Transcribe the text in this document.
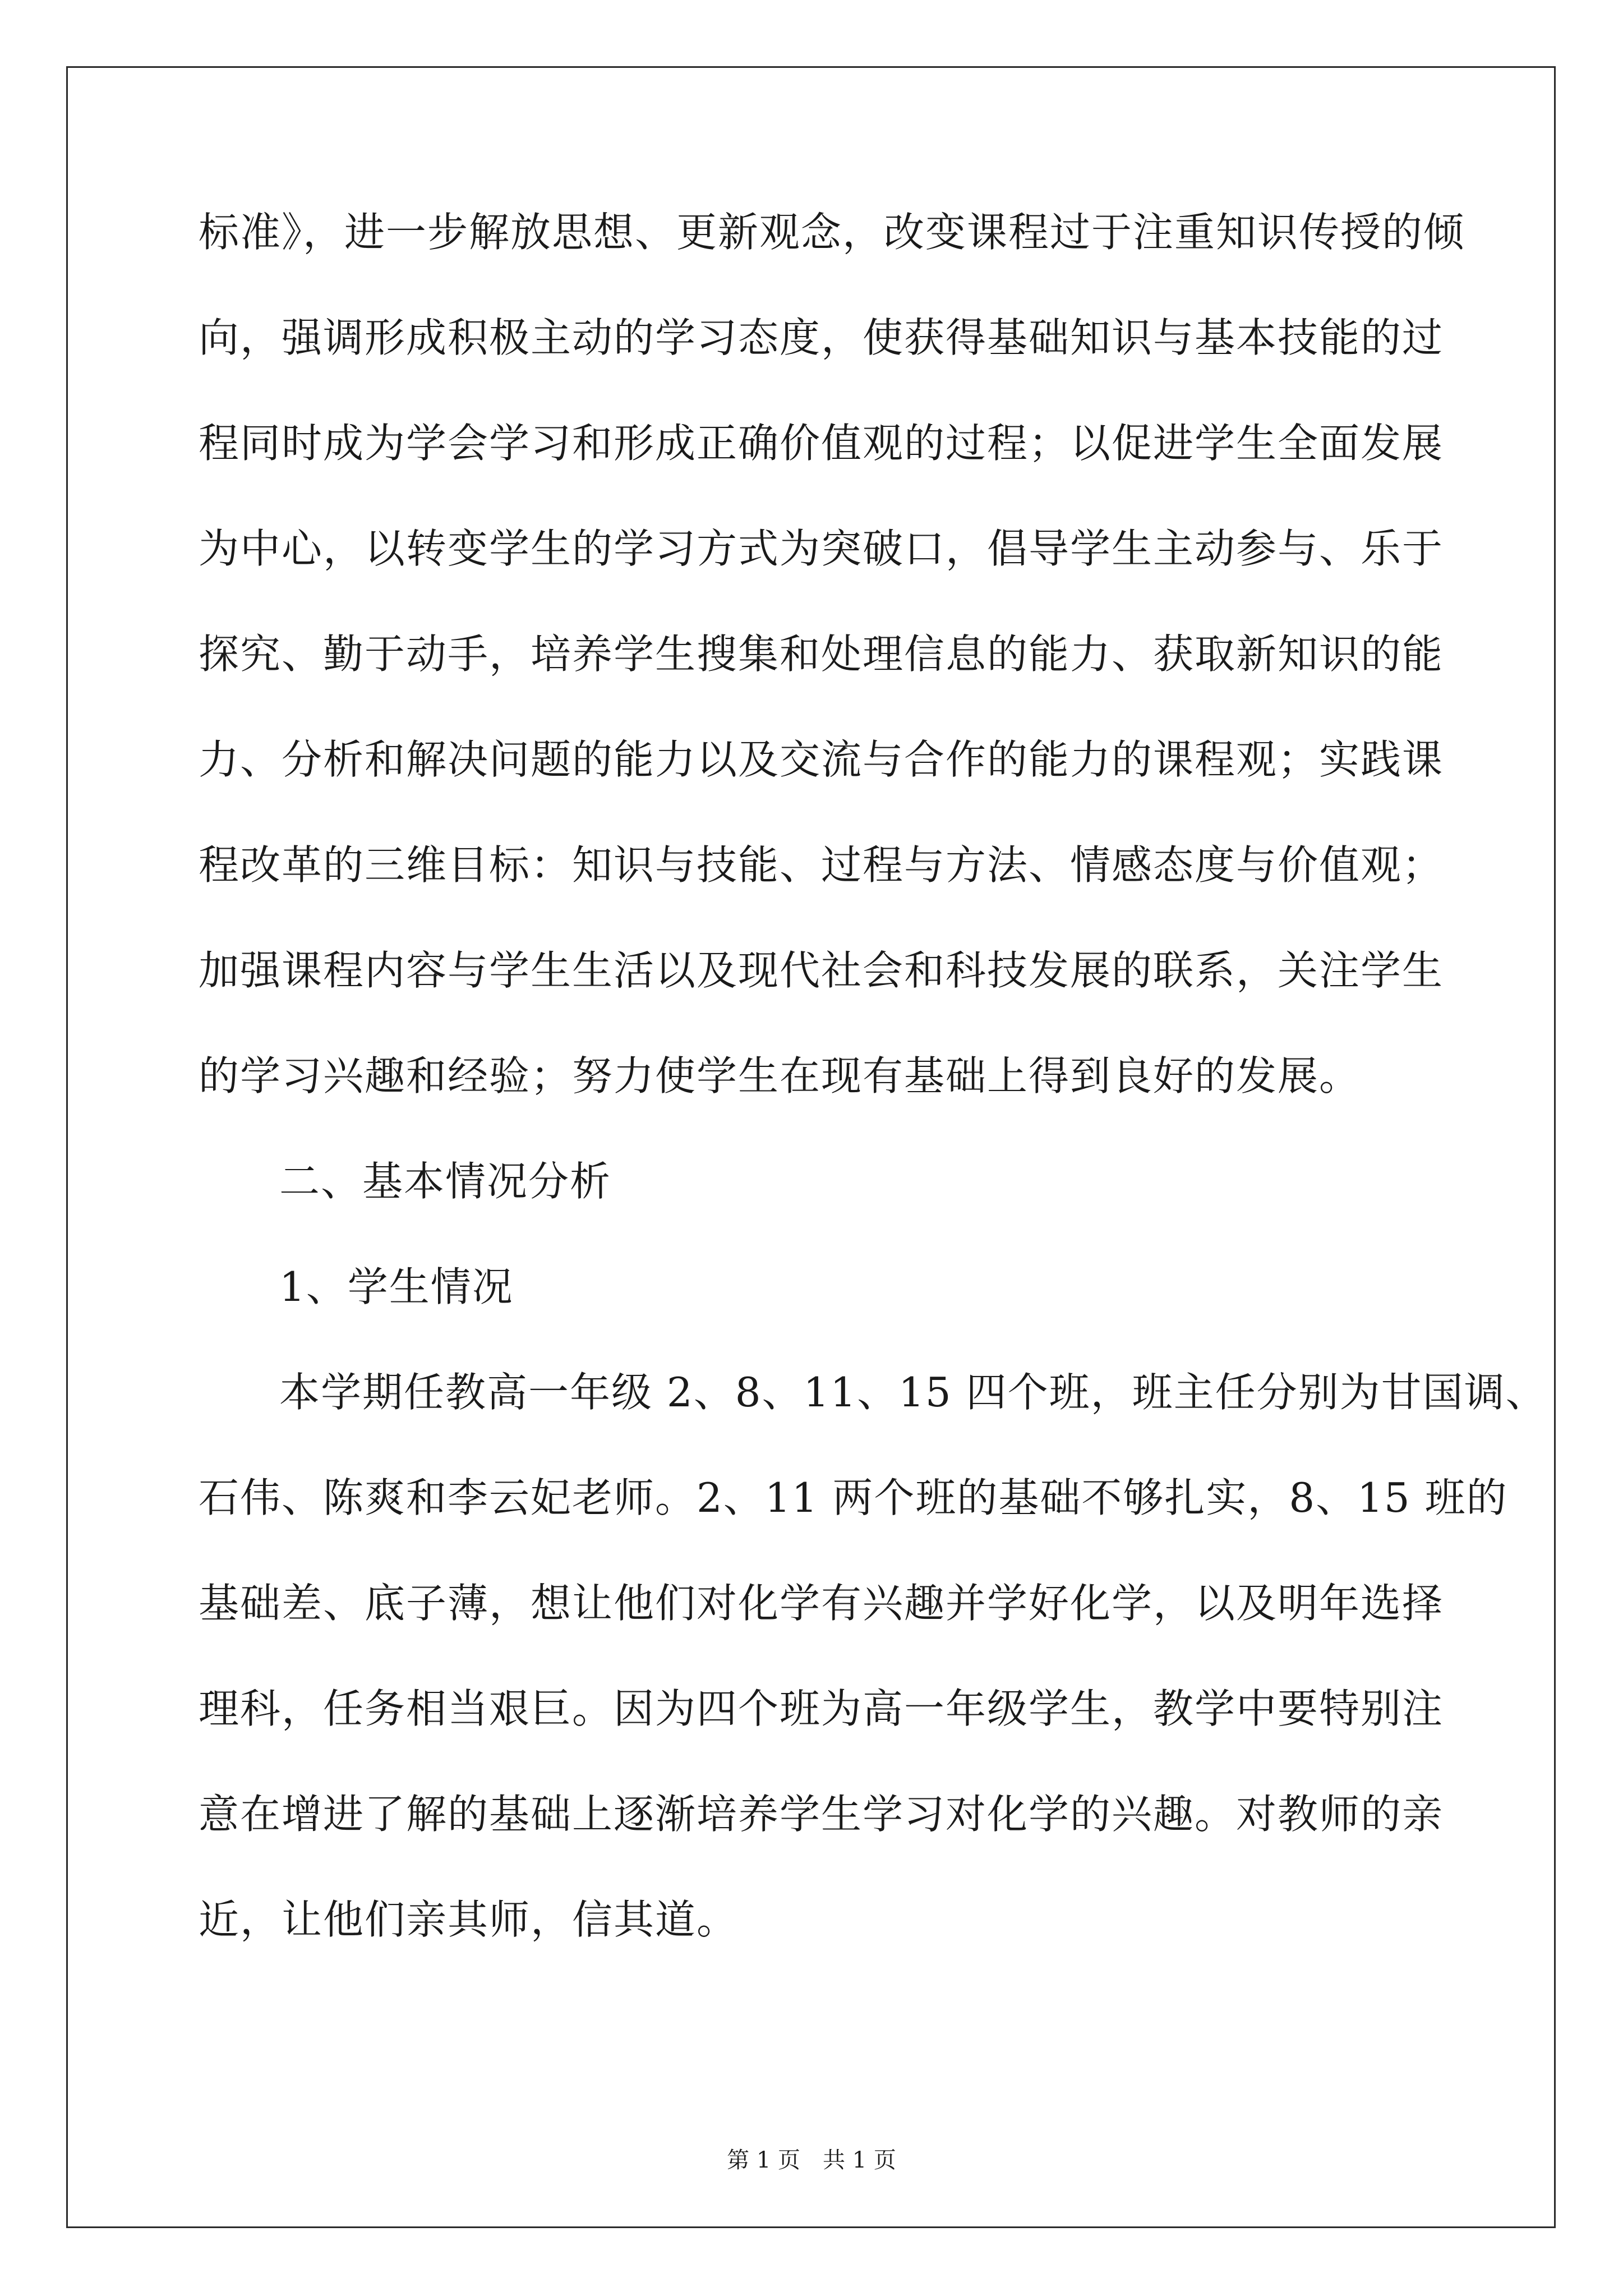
标准》，进一步解放思想、更新观念，改变课程过于注重知识传授的倾
向，强调形成积极主动的学习态度，使获得基础知识与基本技能的过
程同时成为学会学习和形成正确价值观的过程；以促进学生全面发展
为中心，以转变学生的学习方式为突破口，倡导学生主动参与、乐于
探究、勤于动手，培养学生搜集和处理信息的能力、获取新知识的能
力、分析和解决问题的能力以及交流与合作的能力的课程观；实践课
程改革的三维目标：知识与技能、过程与方法、情感态度与价值观；
加强课程内容与学生生活以及现代社会和科技发展的联系，关注学生
的学习兴趣和经验；努力使学生在现有基础上得到良好的发展。
二、基本情况分析
1、学生情况
本学期任教高一年级 2、8、11、15 四个班，班主任分别为甘国调、
石伟、陈爽和李云妃老师。2、11 两个班的基础不够扎实，8、15 班的
基础差、底子薄，想让他们对化学有兴趣并学好化学，以及明年选择
理科，任务相当艰巨。因为四个班为高一年级学生，教学中要特别注
意在增进了解的基础上逐渐培养学生学习对化学的兴趣。对教师的亲
近，让他们亲其师，信其道。
第 1 页　共 1 页
